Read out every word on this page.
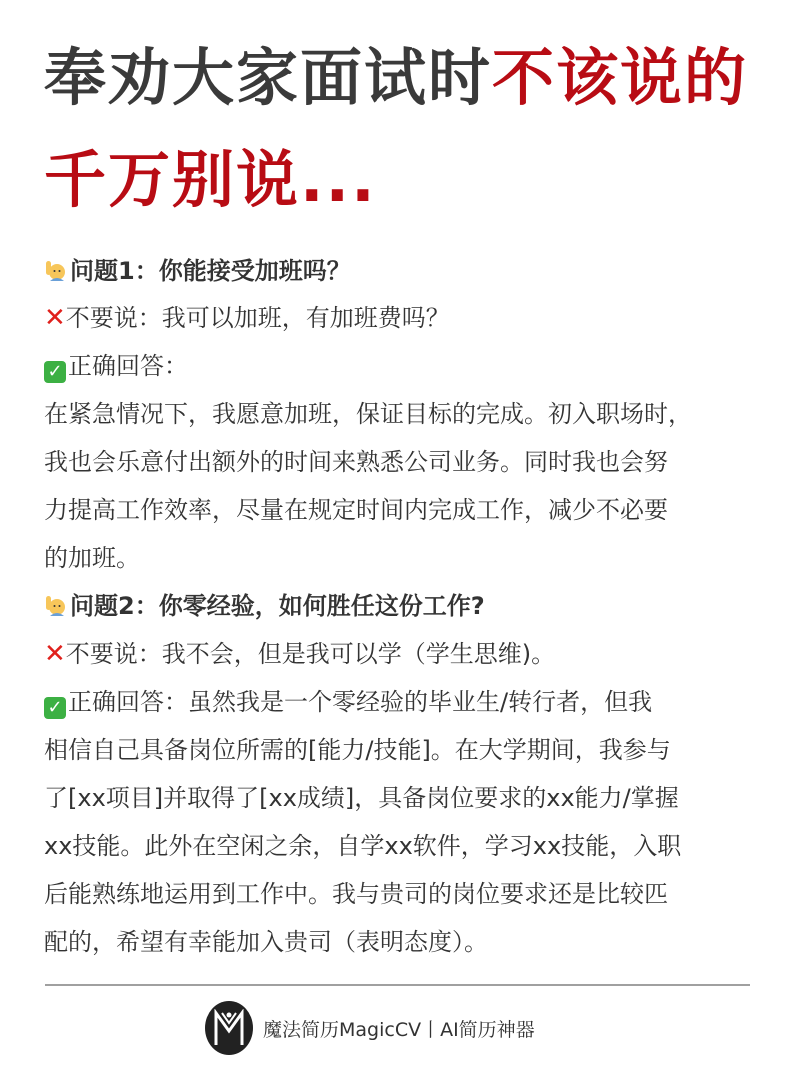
奉劝大家面试时不该说的
千万别说...
问题1：你能接受加班吗？
✕不要说：我可以加班，有加班费吗？
✓ 正确回答：
在紧急情况下，我愿意加班，保证目标的完成。初入职场时，
我也会乐意付出额外的时间来熟悉公司业务。同时我也会努
力提高工作效率，尽量在规定时间内完成工作，减少不必要
的加班。
问题2：你零经验，如何胜任这份工作?
✕不要说：我不会，但是我可以学（学生思维)。
✓ 正确回答：虽然我是一个零经验的毕业生/转行者，但我
相信自己具备岗位所需的[能力/技能]。在大学期间，我参与
了[xx项目]并取得了[xx成绩]，具备岗位要求的xx能力/掌握
xx技能。此外在空闲之余，自学xx软件，学习xx技能，入职
后能熟练地运用到工作中。我与贵司的岗位要求还是比较匹
配的，希望有幸能加入贵司（表明态度）。
魔法简历MagicCV丨AI简历神器
